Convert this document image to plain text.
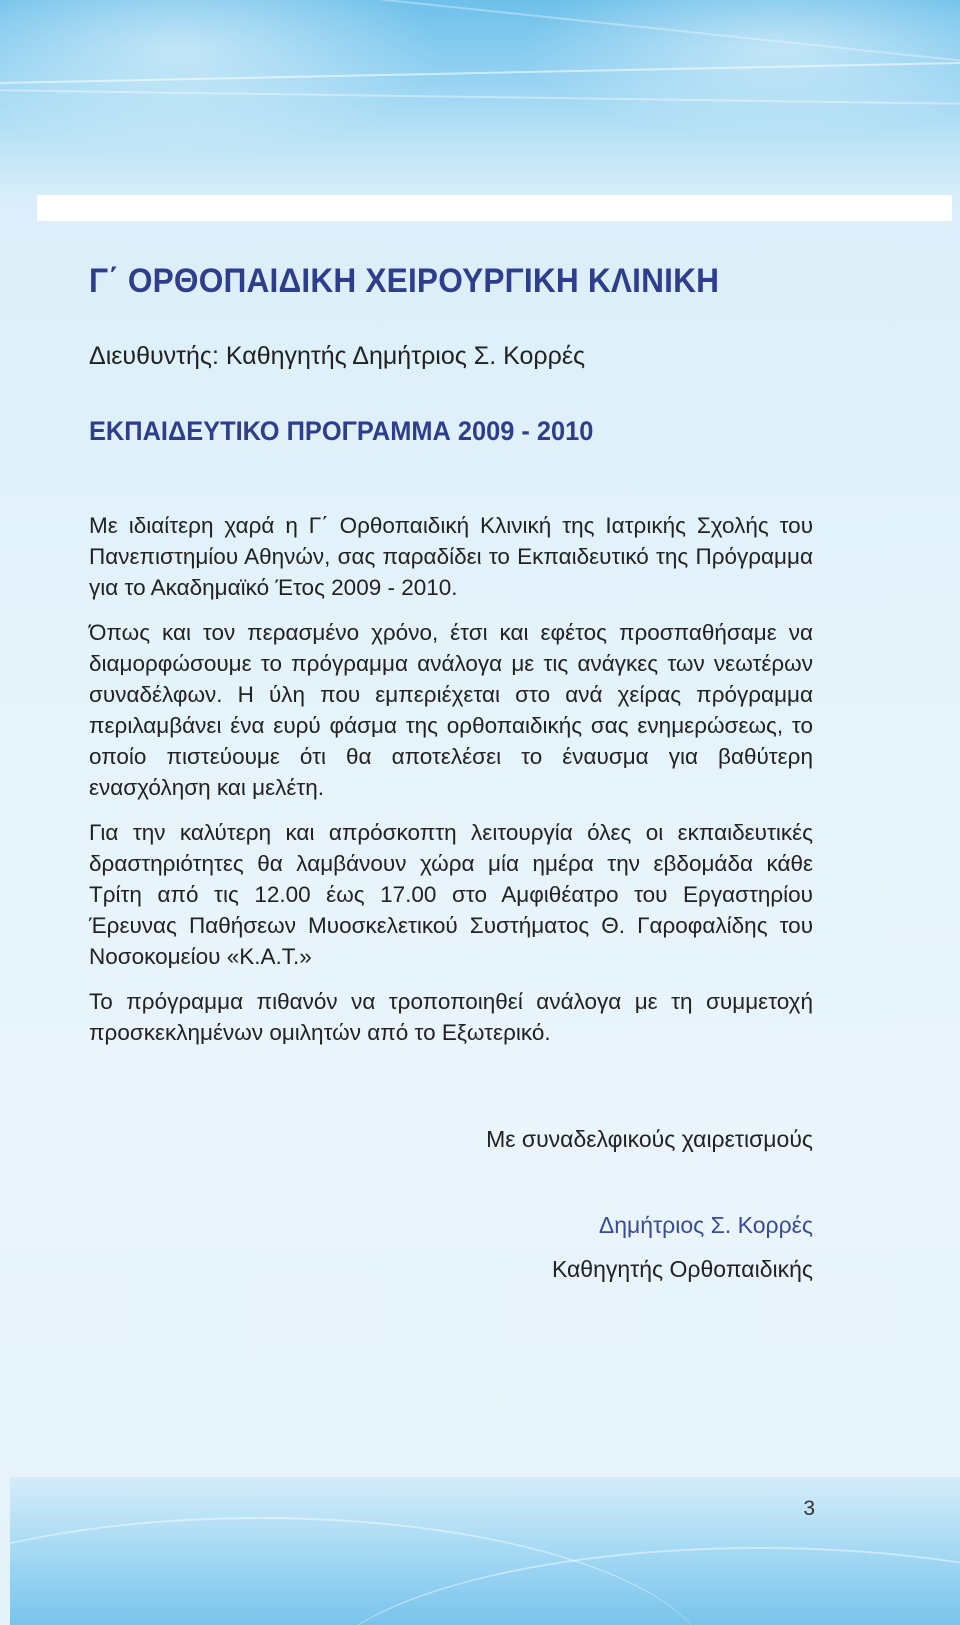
Γ΄ ΟΡΘΟΠΑΙΔΙΚΗ ΧΕΙΡΟΥΡΓΙΚΗ ΚΛΙΝΙΚΗ

Διευθυντής: Καθηγητής Δημήτριος Σ. Κορρές

ΕΚΠΑΙΔΕΥΤΙΚΟ ΠΡΟΓΡΑΜΜΑ 2009 - 2010

Με ιδιαίτερη χαρά η Γ΄ Ορθοπαιδική Κλινική της Ιατρικής Σχολής του Πανεπιστημίου Αθηνών, σας παραδίδει το Εκπαιδευτικό της Πρόγραμμα για το Ακαδημαϊκό Έτος 2009 - 2010.

Όπως και τον περασμένο χρόνο, έτσι και εφέτος προσπαθήσαμε να διαμορφώσουμε το πρόγραμμα ανάλογα με τις ανάγκες των νεωτέρων συναδέλφων. Η ύλη που εμπεριέχεται στο ανά χείρας πρόγραμμα περιλαμβάνει ένα ευρύ φάσμα της ορθοπαιδικής σας ενημερώσεως, το οποίο πιστεύουμε ότι θα αποτελέσει το έναυσμα για βαθύτερη ενασχόληση και μελέτη.

Για την καλύτερη και απρόσκοπτη λειτουργία όλες οι εκπαιδευτικές δραστηριότητες θα λαμβάνουν χώρα μία ημέρα την εβδομάδα κάθε Τρίτη από τις 12.00 έως 17.00 στο Αμφιθέατρο του Εργαστηρίου Έρευνας Παθήσεων Μυοσκελετικού Συστήματος Θ. Γαροφαλίδης του Νοσοκομείου «Κ.Α.Τ.»

Το πρόγραμμα πιθανόν να τροποποιηθεί ανάλογα με τη συμμετοχή προσκεκλημένων ομιλητών από το Εξωτερικό.

Με συναδελφικούς χαιρετισμούς

Δημήτριος Σ. Κορρές

Καθηγητής Ορθοπαιδικής

3
